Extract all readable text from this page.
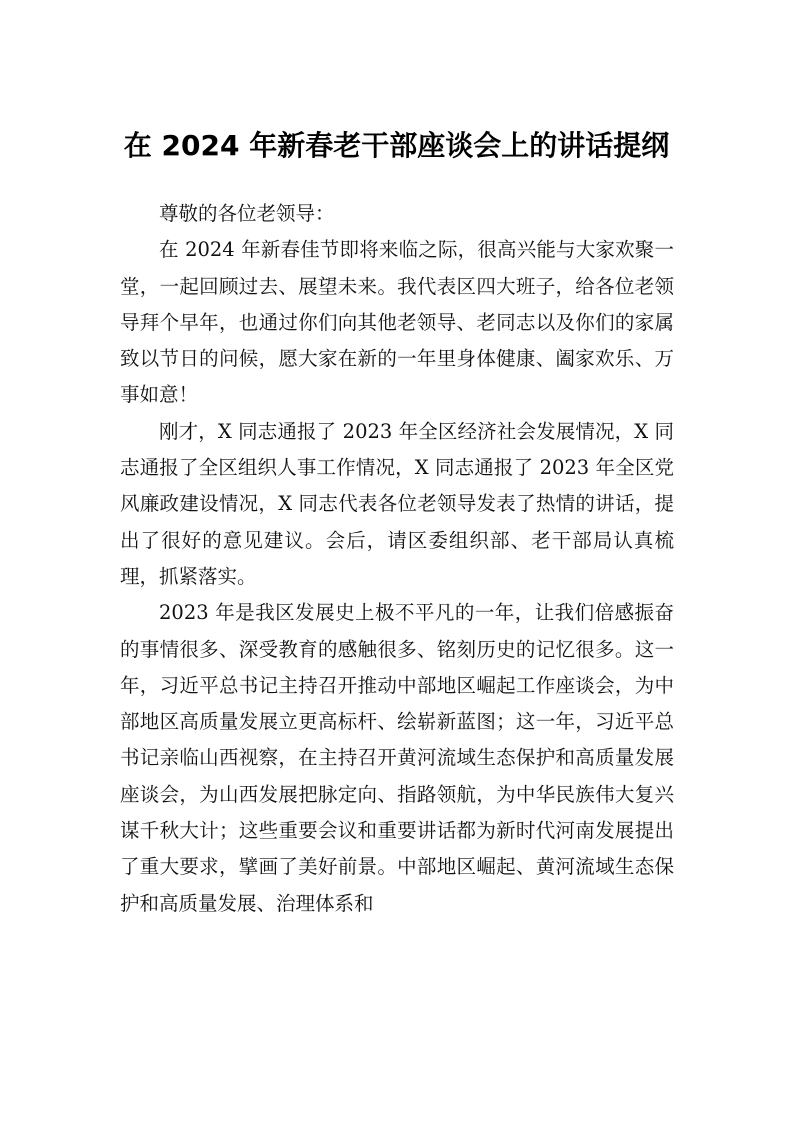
在 2024 年新春老干部座谈会上的讲话提纲

尊敬的各位老领导：

在 2024 年新春佳节即将来临之际，很高兴能与大家欢聚一堂，一起回顾过去、展望未来。我代表区四大班子，给各位老领导拜个早年，也通过你们向其他老领导、老同志以及你们的家属致以节日的问候，愿大家在新的一年里身体健康、阖家欢乐、万事如意！

刚才，X 同志通报了 2023 年全区经济社会发展情况，X 同志通报了全区组织人事工作情况，X 同志通报了 2023 年全区党风廉政建设情况，X 同志代表各位老领导发表了热情的讲话，提出了很好的意见建议。会后，请区委组织部、老干部局认真梳理，抓紧落实。

2023 年是我区发展史上极不平凡的一年，让我们倍感振奋的事情很多、深受教育的感触很多、铭刻历史的记忆很多。这一年，习近平总书记主持召开推动中部地区崛起工作座谈会，为中部地区高质量发展立更高标杆、绘崭新蓝图；这一年，习近平总书记亲临山西视察，在主持召开黄河流域生态保护和高质量发展座谈会，为山西发展把脉定向、指路领航，为中华民族伟大复兴谋千秋大计；这些重要会议和重要讲话都为新时代河南发展提出了重大要求，擘画了美好前景。中部地区崛起、黄河流域生态保护和高质量发展、治理体系和
